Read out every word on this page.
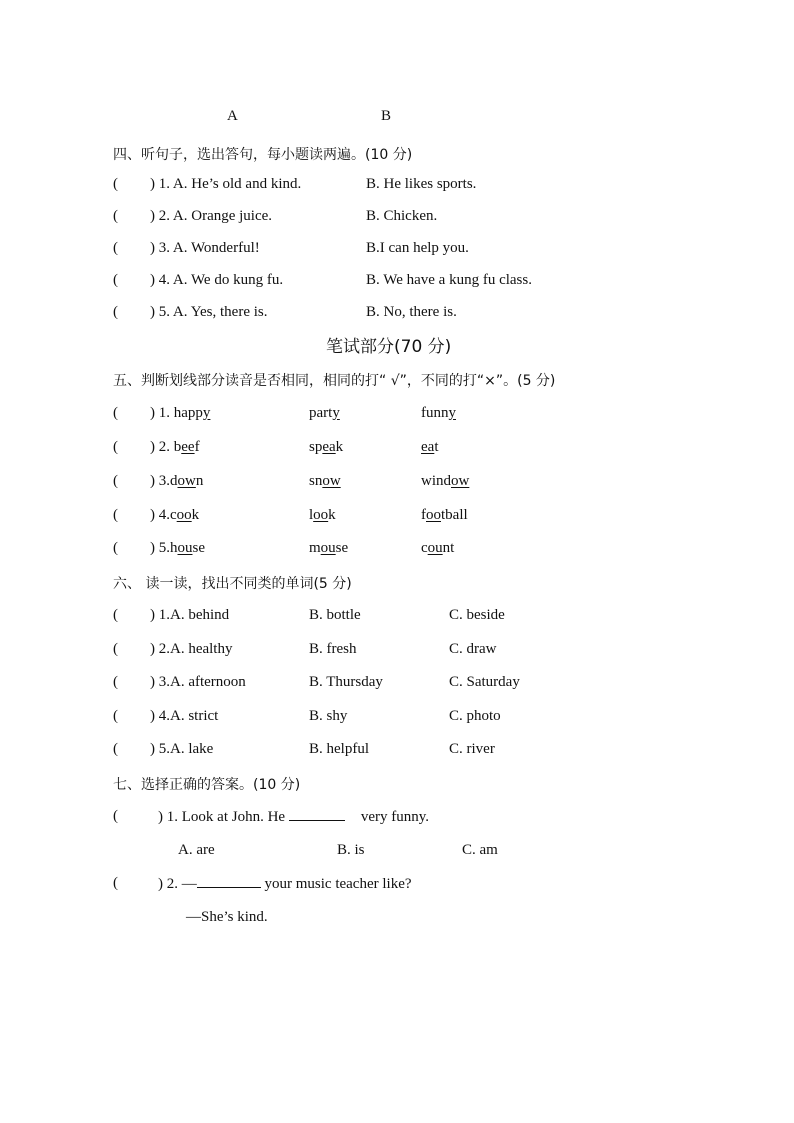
A	B
四、听句子，选出答句，每小题读两遍。(10 分)
( ) 1. A. He’s old and kind.	B. He likes sports.
( ) 2. A. Orange juice.	B. Chicken.
( ) 3. A. Wonderful!	B.I can help you.
( ) 4. A. We do kung fu.	B. We have a kung fu class.
( ) 5. A. Yes, there is.	B. No, there is.
笔试部分(70 分)
五、判断划线部分读音是否相同，相同的打“ √”，不同的打“×”。(5 分)
( ) 1. happy	party	funny
( ) 2. beef	speak	eat
( ) 3.down	snow	window
( ) 4.cook	look	football
( ) 5.house	mouse	count
六、 读一读，找出不同类的单词(5 分)
( ) 1.A. behind	B. bottle	C. beside
( ) 2.A. healthy	B. fresh	C. draw
( ) 3.A. afternoon	B. Thursday	C. Saturday
( ) 4.A. strict	B. shy	C. photo
( ) 5.A. lake	B. helpful	C. river
七、选择正确的答案。(10 分)
(	) 1. Look at John. He	very funny.
A. are	B. is	C. am
(	) 2. —	your music teacher like?
—She’s kind.
